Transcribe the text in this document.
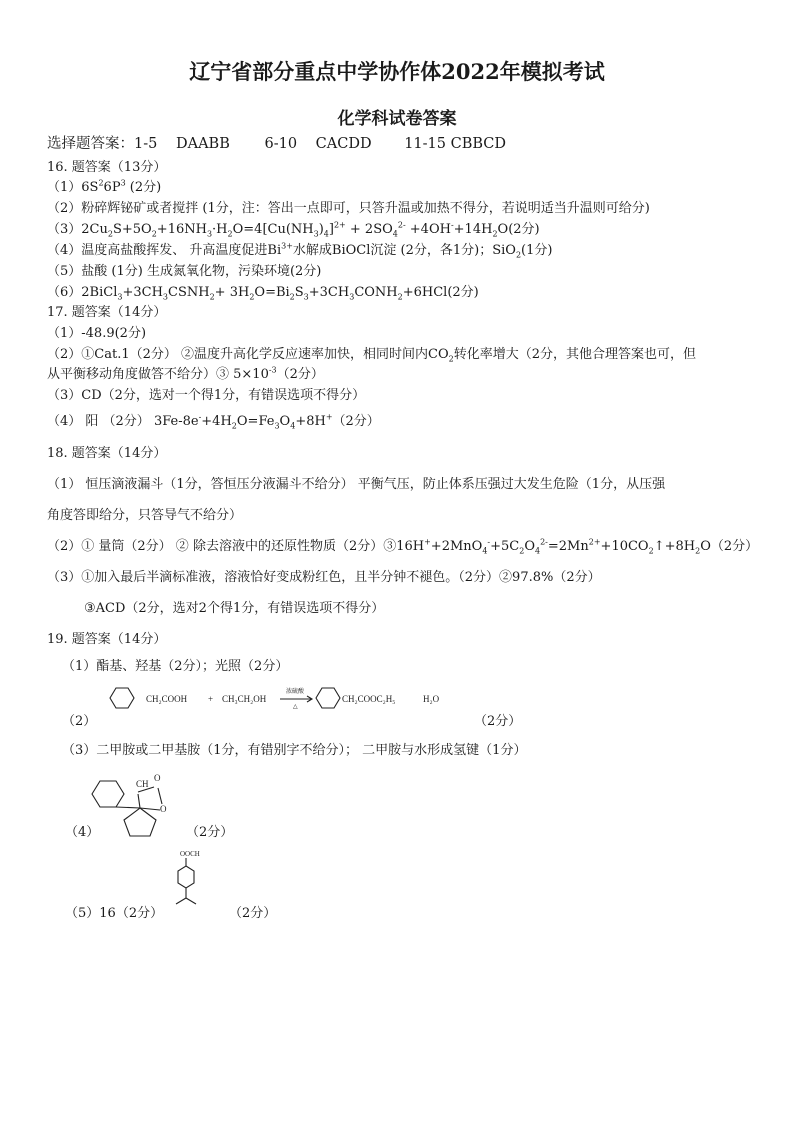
辽宁省部分重点中学协作体2022年模拟考试
化学科试卷答案
选择题答案：1-5 DAABB 6-10 CACDD 11-15 CBBCD
16. 题答案（13分）
$(1)6S^26P^3$ (2分)
（2）粉碎辉铋矿或者搅拌 (1分，注：答出一点即可，只答升温或加热不得分，若说明适当升温则可给分)
$(3)2Cu_2S+5O_2+16NH_3\cdot H_2O=4[Cu(NH_3)_4]^{2+} + 2SO_4^{2-} +4OH^-+14H_2O(2$分)
（4）温度高盐酸挥发、 升高温度促进$Bi^{3+}$水解成BiOCl沉淀 (2分，各1分)；SiO$_2$(1分)
（5）盐酸 (1分) 生成氮氧化物，污染环境(2分)
$(6)2BiCl_3+3CH_3CSNH_2+$ $3H_2O=Bi_2S_3+3CH_3CONH_2+6HCl(2$分)
17. 题答案（14分）
（1）-48.9(2分)
（2）①Cat.1（2分） ②温度升高化学反应速率加快，相同时间内$CO_2$转化率增大（2分，其他合理答案也可，但
从平衡移动角度做答不给分）③ $5\times 10^{-3}(2$分）
（3）CD（2分，选对一个得1分，有错误选项不得分）
（4） 阳 （2分） $3Fe-8e^-+4H_2O=Fe_3O_4+8H^+(2$分）
18. 题答案（14分）
（1） 恒压滴液漏斗（1分，答恒压分液漏斗不给分） 平衡气压，防止体系压强过大发生危险（1分，从压强
角度答即给分，只答导气不给分）
（2）① 量筒（2分） ② 除去溶液中的还原性物质（2分）$③16H^++2MnO_4^-+5C_2O_4^{2-}=2Mn^{2+}+10CO_2↑+8H_2O(2$分）
（3）①加入最后半滴标准液，溶液恰好变成粉红色，且半分钟不褪色。（2分）②97.8%（2分）
③ACD（2分，选对2个得1分，有错误选项不得分）
19. 题答案（14分）
（1）酯基、羟基（2分）；光照（2分）
（2）
CH₂COOH + CH₃CH₂OH
浓硫酸
△
CH₂COOC₂H₅	H₂O
（2分）
（3）二甲胺或二甲基胺（1分，有错别字不给分）； 二甲胺与水形成氢键（1分）
CH
O
O
（4）	（2分）
OOCH
（5）16（2分）	（2分）
